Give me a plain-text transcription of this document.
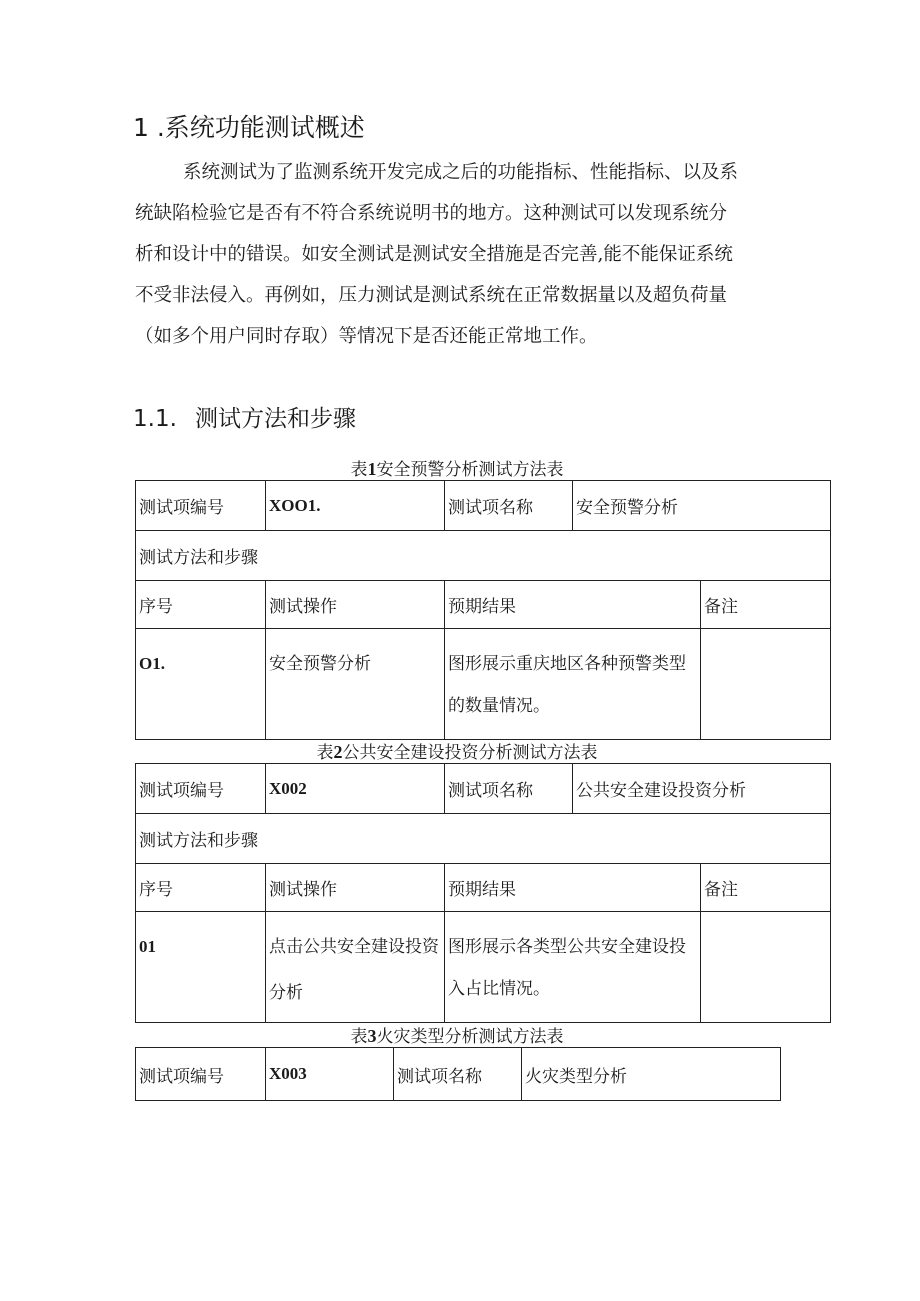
1 .系统功能测试概述
系统测试为了监测系统开发完成之后的功能指标、性能指标、以及系
统缺陷检验它是否有不符合系统说明书的地方。这种测试可以发现系统分
析和设计中的错误。如安全测试是测试安全措施是否完善,能不能保证系统
不受非法侵入。再例如，压力测试是测试系统在正常数据量以及超负荷量
（如多个用户同时存取）等情况下是否还能正常地工作。
1.1. 测试方法和步骤
表1安全预警分析测试方法表
测试项编号	XOO1.	测试项名称	安全预警分析	
测试方法和步骤				
序号	测试操作	预期结果		备注
O1.	安全预警分析	图形展示重庆地区各种预警类型的数量情况。		
表2公共安全建设投资分析测试方法表
测试项编号	X002	测试项名称	公共安全建设投资分析	
测试方法和步骤				
序号	测试操作	预期结果		备注
01	点击公共安全建设投资分析	图形展示各类型公共安全建设投入占比情况。		
表3火灾类型分析测试方法表
测试项编号	X003	测试项名称	火灾类型分析
